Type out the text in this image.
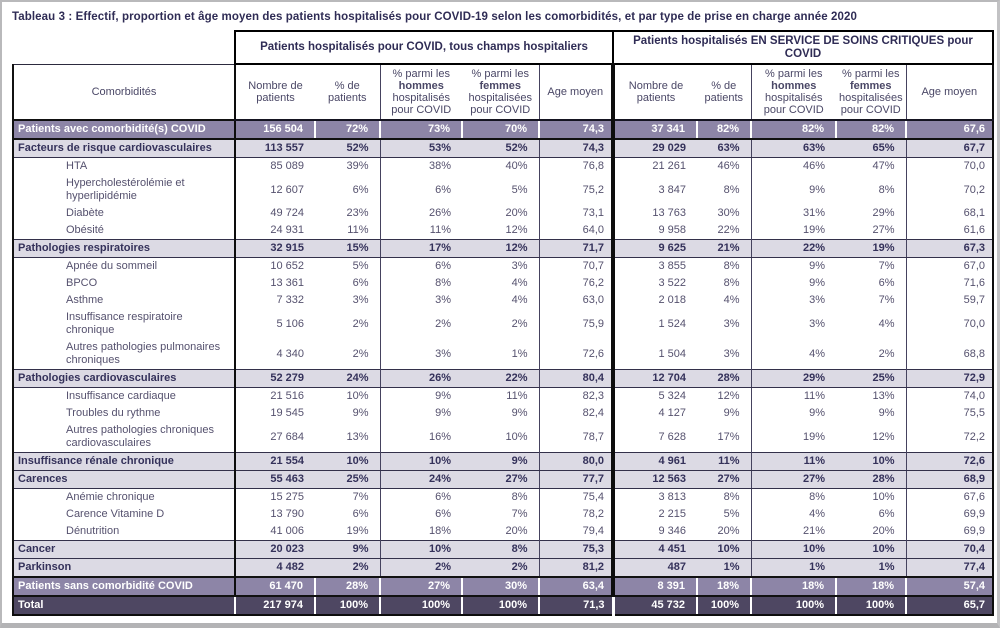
Tableau 3 : Effectif, proportion et âge moyen des patients hospitalisés pour COVID-19 selon les comorbidités, et par type de prise en charge année 2020
	Patients hospitalisés pour COVID, tous champs hospitaliers					Patients hospitalisés EN SERVICE DE SOINS CRITIQUES pour COVID				
Comorbidités	Nombre de patients	% de patients	% parmi les
hommes
hospitalisés pour COVID	% parmi les
femmes
hospitalisées pour COVID	Age moyen	Nombre de patients	% de patients	% parmi les
hommes
hospitalisés pour COVID	% parmi les
femmes
hospitalisées pour COVID	Age moyen
Patients avec comorbidité(s) COVID	156 504	72%	73%	70%	74,3	37 341	82%	82%	82%	67,6
Facteurs de risque cardiovasculaires	113 557	52%	53%	52%	74,3	29 029	63%	63%	65%	67,7
HTA	85 089	39%	38%	40%	76,8	21 261	46%	46%	47%	70,0
Hypercholestérolémie et hyperlipidémie	12 607	6%	6%	5%	75,2	3 847	8%	9%	8%	70,2
Diabète	49 724	23%	26%	20%	73,1	13 763	30%	31%	29%	68,1
Obésité	24 931	11%	11%	12%	64,0	9 958	22%	19%	27%	61,6
Pathologies respiratoires	32 915	15%	17%	12%	71,7	9 625	21%	22%	19%	67,3
Apnée du sommeil	10 652	5%	6%	3%	70,7	3 855	8%	9%	7%	67,0
BPCO	13 361	6%	8%	4%	76,2	3 522	8%	9%	6%	71,6
Asthme	7 332	3%	3%	4%	63,0	2 018	4%	3%	7%	59,7
Insuffisance respiratoire chronique	5 106	2%	2%	2%	75,9	1 524	3%	3%	4%	70,0
Autres pathologies pulmonaires chroniques	4 340	2%	3%	1%	72,6	1 504	3%	4%	2%	68,8
Pathologies cardiovasculaires	52 279	24%	26%	22%	80,4	12 704	28%	29%	25%	72,9
Insuffisance cardiaque	21 516	10%	9%	11%	82,3	5 324	12%	11%	13%	74,0
Troubles du rythme	19 545	9%	9%	9%	82,4	4 127	9%	9%	9%	75,5
Autres pathologies chroniques cardiovasculaires	27 684	13%	16%	10%	78,7	7 628	17%	19%	12%	72,2
Insuffisance rénale chronique	21 554	10%	10%	9%	80,0	4 961	11%	11%	10%	72,6
Carences	55 463	25%	24%	27%	77,7	12 563	27%	27%	28%	68,9
Anémie chronique	15 275	7%	6%	8%	75,4	3 813	8%	8%	10%	67,6
Carence Vitamine D	13 790	6%	6%	7%	78,2	2 215	5%	4%	6%	69,9
Dénutrition	41 006	19%	18%	20%	79,4	9 346	20%	21%	20%	69,9
Cancer	20 023	9%	10%	8%	75,3	4 451	10%	10%	10%	70,4
Parkinson	4 482	2%	2%	2%	81,2	487	1%	1%	1%	77,4
Patients sans comorbidité COVID	61 470	28%	27%	30%	63,4	8 391	18%	18%	18%	57,4
Total	217 974	100%	100%	100%	71,3	45 732	100%	100%	100%	65,7
